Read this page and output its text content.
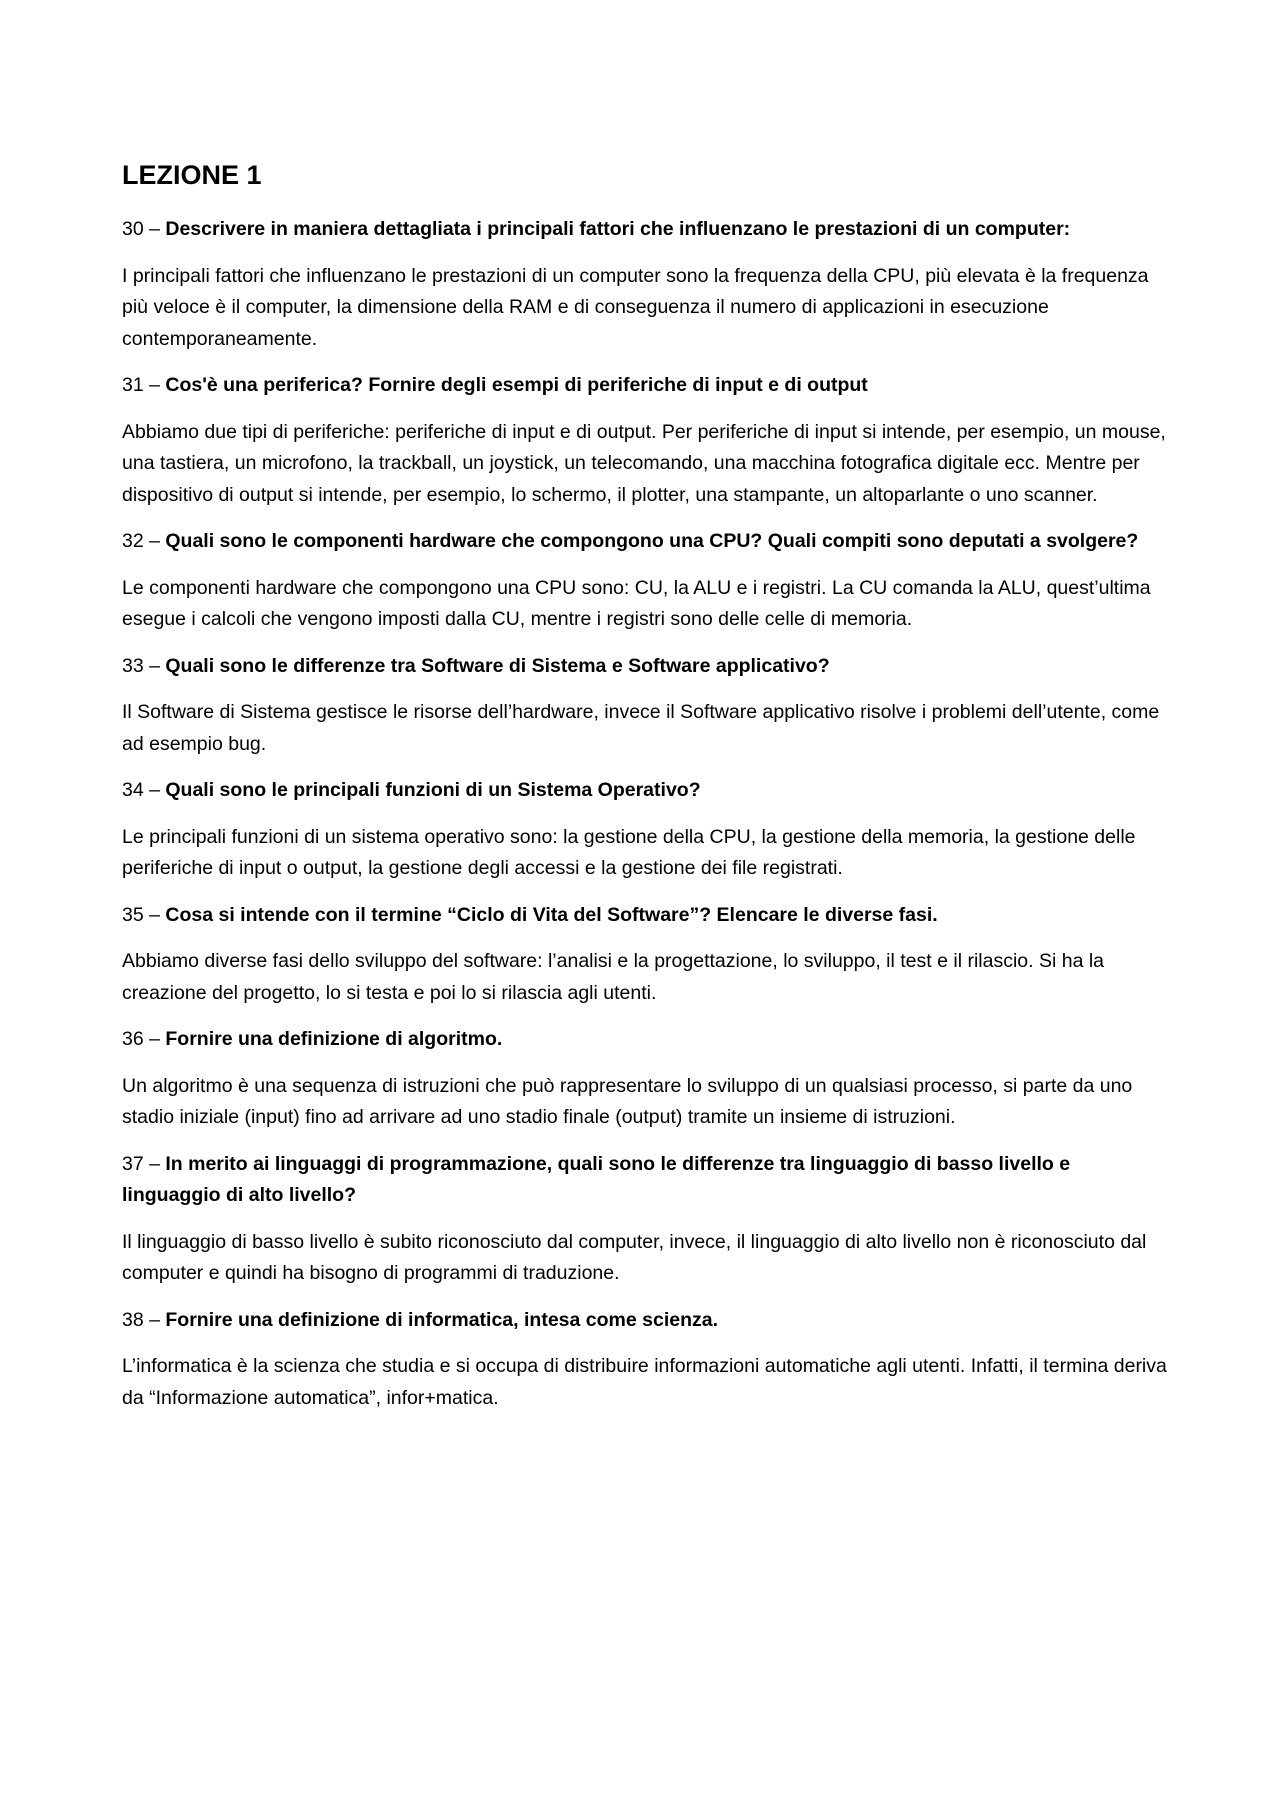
LEZIONE 1

30 – Descrivere in maniera dettagliata i principali fattori che influenzano le prestazioni di un computer:

I principali fattori che influenzano le prestazioni di un computer sono la frequenza della CPU, più elevata è la frequenza più veloce è il computer, la dimensione della RAM e di conseguenza il numero di applicazioni in esecuzione contemporaneamente.

31 – Cos'è una periferica? Fornire degli esempi di periferiche di input e di output

Abbiamo due tipi di periferiche: periferiche di input e di output. Per periferiche di input si intende, per esempio, un mouse, una tastiera, un microfono, la trackball, un joystick, un telecomando, una macchina fotografica digitale ecc. Mentre per dispositivo di output si intende, per esempio, lo schermo, il plotter, una stampante, un altoparlante o uno scanner.

32 – Quali sono le componenti hardware che compongono una CPU? Quali compiti sono deputati a svolgere?

Le componenti hardware che compongono una CPU sono: CU, la ALU e i registri. La CU comanda la ALU, quest’ultima esegue i calcoli che vengono imposti dalla CU, mentre i registri sono delle celle di memoria.

33 – Quali sono le differenze tra Software di Sistema e Software applicativo?

Il Software di Sistema gestisce le risorse dell’hardware, invece il Software applicativo risolve i problemi dell’utente, come ad esempio bug.

34 – Quali sono le principali funzioni di un Sistema Operativo?

Le principali funzioni di un sistema operativo sono: la gestione della CPU, la gestione della memoria, la gestione delle periferiche di input o output, la gestione degli accessi e la gestione dei file registrati.

35 – Cosa si intende con il termine “Ciclo di Vita del Software”? Elencare le diverse fasi.

Abbiamo diverse fasi dello sviluppo del software: l’analisi e la progettazione, lo sviluppo, il test e il rilascio. Si ha la creazione del progetto, lo si testa e poi lo si rilascia agli utenti.

36 – Fornire una definizione di algoritmo.

Un algoritmo è una sequenza di istruzioni che può rappresentare lo sviluppo di un qualsiasi processo, si parte da uno stadio iniziale (input) fino ad arrivare ad uno stadio finale (output) tramite un insieme di istruzioni.

37 – In merito ai linguaggi di programmazione, quali sono le differenze tra linguaggio di basso livello e linguaggio di alto livello?

Il linguaggio di basso livello è subito riconosciuto dal computer, invece, il linguaggio di alto livello non è riconosciuto dal computer e quindi ha bisogno di programmi di traduzione.

38 – Fornire una definizione di informatica, intesa come scienza.

L’informatica è la scienza che studia e si occupa di distribuire informazioni automatiche agli utenti. Infatti, il termina deriva da “Informazione automatica”, infor+matica.
